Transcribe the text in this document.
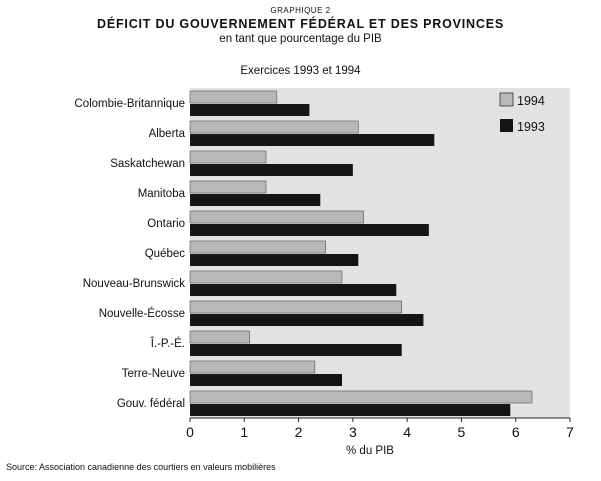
GRAPHIQUE 2
DÉFICIT DU GOUVERNEMENT FÉDÉRAL ET DES PROVINCES
en tant que pourcentage du PIB
Exercices 1993 et 1994
Colombie-Britannique
Alberta
Saskatchewan
Manitoba
Ontario
Québec
Nouveau-Brunswick
Nouvelle-Écosse
Î.-P.-É.
Terre-Neuve
Gouv. fédéral
0	1	2	3	4	5	6	7
% du PIB
1994
1993
Source: Association canadienne des courtiers en valeurs mobilières
